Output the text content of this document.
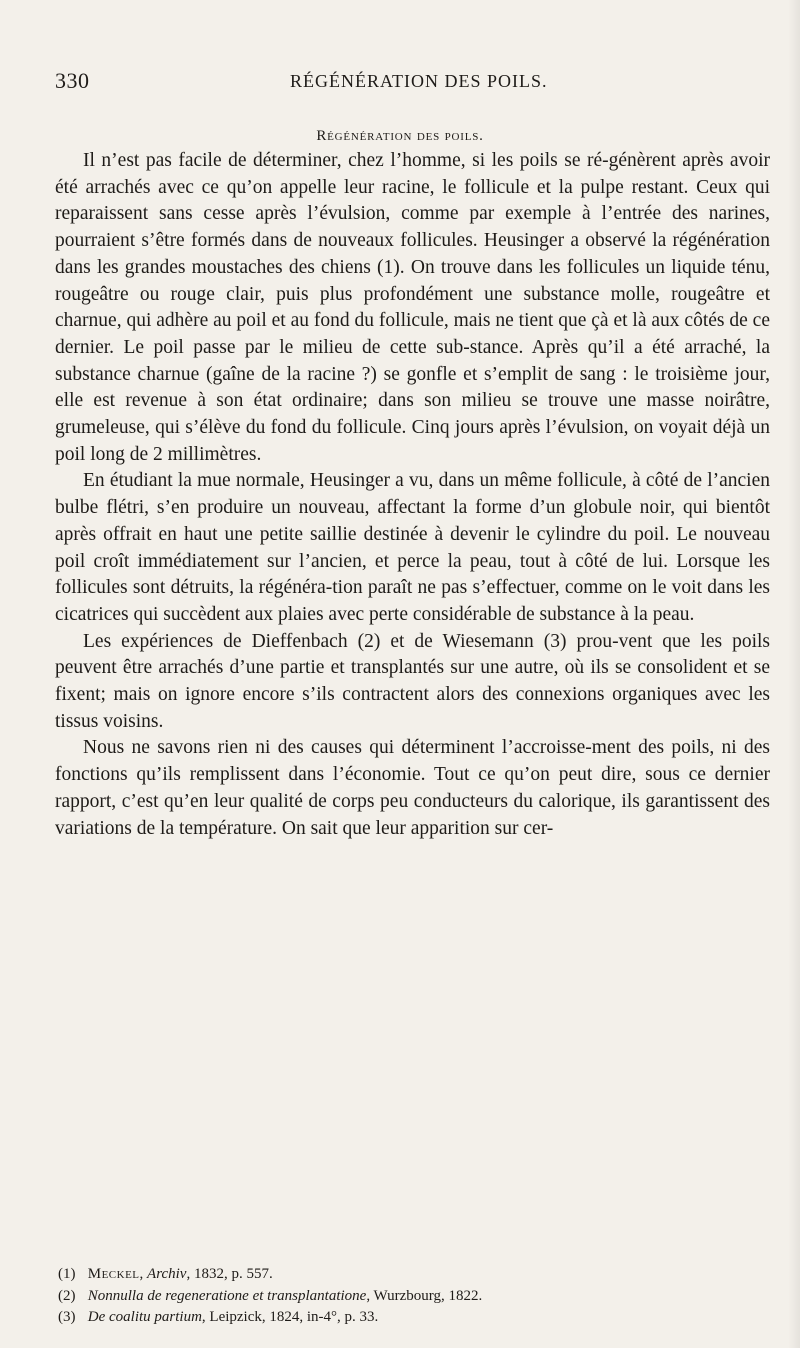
330	RÉGÉNÉRATION DES POILS.
Régénération des poils.

Il n’est pas facile de déterminer, chez l’homme, si les poils se ré-génèrent après avoir été arrachés avec ce qu’on appelle leur racine, le follicule et la pulpe restant. Ceux qui reparaissent sans cesse après l’évulsion, comme par exemple à l’entrée des narines, pourraient s’être formés dans de nouveaux follicules. Heusinger a observé la régénération dans les grandes moustaches des chiens (1). On trouve dans les follicules un liquide ténu, rougeâtre ou rouge clair, puis plus profondément une substance molle, rougeâtre et charnue, qui adhère au poil et au fond du follicule, mais ne tient que çà et là aux côtés de ce dernier. Le poil passe par le milieu de cette sub-stance. Après qu’il a été arraché, la substance charnue (gaîne de la racine ?) se gonfle et s’emplit de sang : le troisième jour, elle est revenue à son état ordinaire; dans son milieu se trouve une masse noirâtre, grumeleuse, qui s’élève du fond du follicule. Cinq jours après l’évulsion, on voyait déjà un poil long de 2 millimètres.

En étudiant la mue normale, Heusinger a vu, dans un même follicule, à côté de l’ancien bulbe flétri, s’en produire un nouveau, affectant la forme d’un globule noir, qui bientôt après offrait en haut une petite saillie destinée à devenir le cylindre du poil. Le nouveau poil croît immédiatement sur l’ancien, et perce la peau, tout à côté de lui. Lorsque les follicules sont détruits, la régénéra-tion paraît ne pas s’effectuer, comme on le voit dans les cicatrices qui succèdent aux plaies avec perte considérable de substance à la peau.

Les expériences de Dieffenbach (2) et de Wiesemann (3) prou-vent que les poils peuvent être arrachés d’une partie et transplantés sur une autre, où ils se consolident et se fixent; mais on ignore encore s’ils contractent alors des connexions organiques avec les tissus voisins.

Nous ne savons rien ni des causes qui déterminent l’accroisse-ment des poils, ni des fonctions qu’ils remplissent dans l’économie. Tout ce qu’on peut dire, sous ce dernier rapport, c’est qu’en leur qualité de corps peu conducteurs du calorique, ils garantissent des variations de la température. On sait que leur apparition sur cer-

(1) Meckel, Archiv, 1832, p. 557.
(2) Nonnulla de regeneratione et transplantatione, Wurzbourg, 1822.
(3) De coalitu partium, Leipzick, 1824, in-4°, p. 33.
